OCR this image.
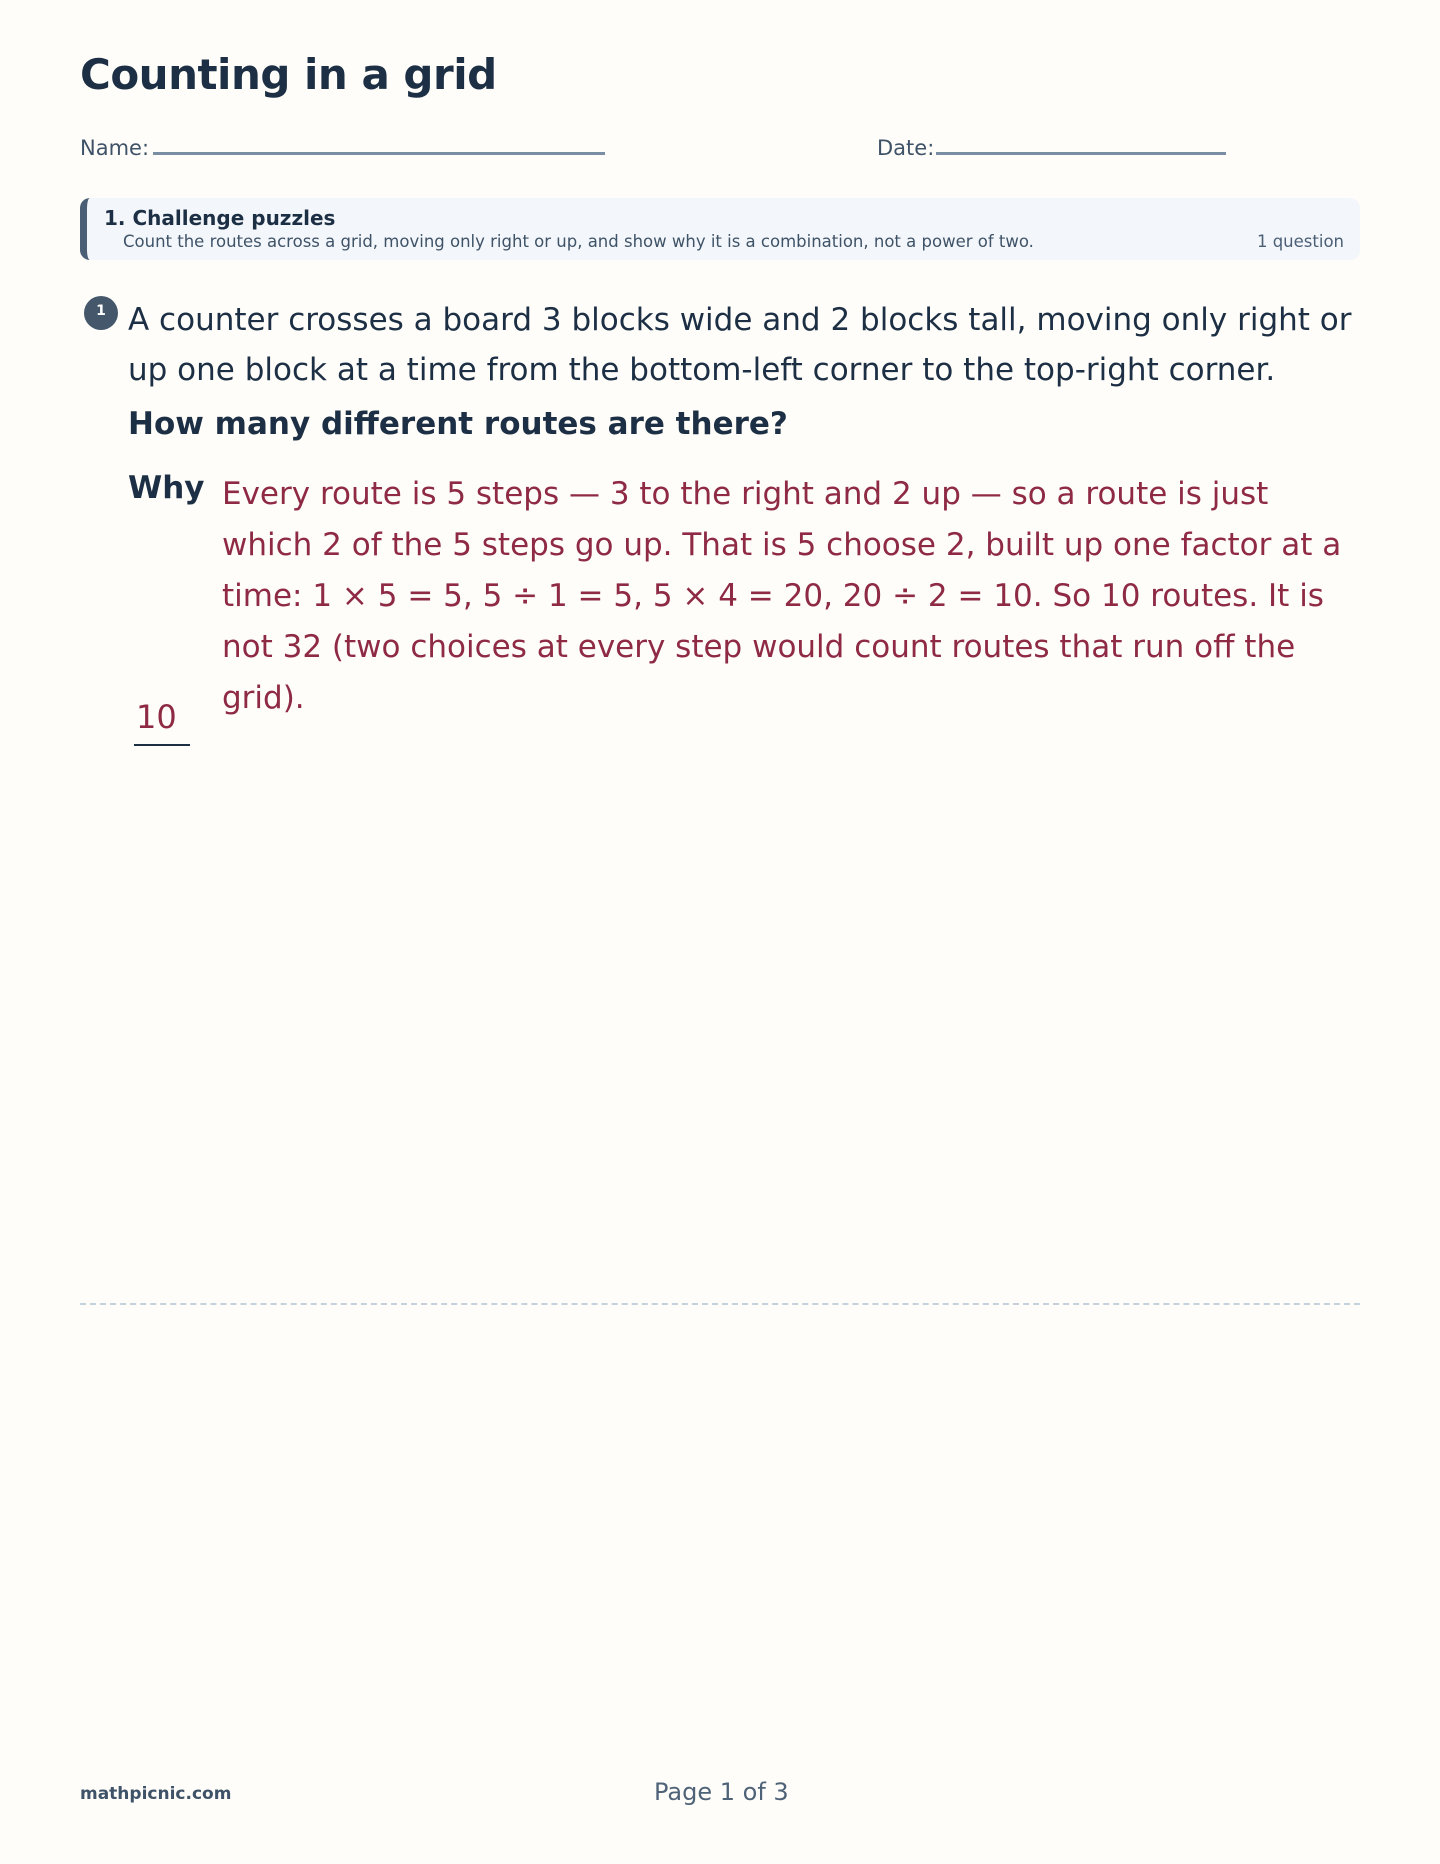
Counting in a grid
Name:	Date:
1. Challenge puzzles
Count the routes across a grid, moving only right or up, and show why it is a combination, not a power of two.	1 question
1 A counter crosses a board 3 blocks wide and 2 blocks tall, moving only right or up one block at a time from the bottom-left corner to the top-right corner.
How many different routes are there?
Why Every route is 5 steps — 3 to the right and 2 up — so a route is just which 2 of the 5 steps go up. That is 5 choose 2, built up one factor at a time: 1 × 5 = 5, 5 ÷ 1 = 5, 5 × 4 = 20, 20 ÷ 2 = 10. So 10 routes. It is not 32 (two choices at every step would count routes that run off the grid).
10
mathpicnic.com	Page 1 of 3
